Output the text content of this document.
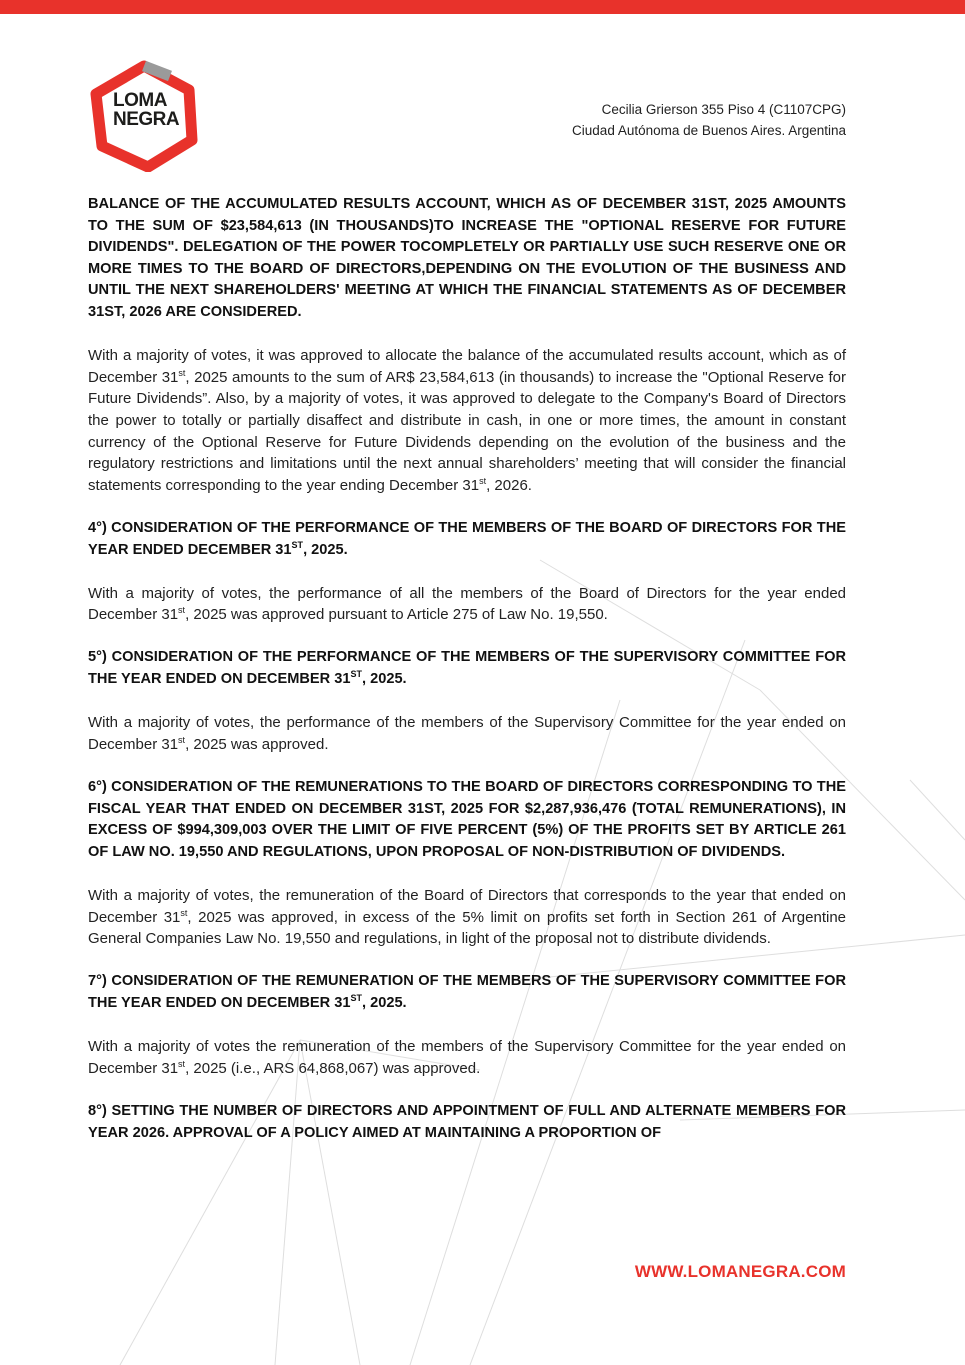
LOMA
NEGRA	Cecilia Grierson 355 Piso 4 (C1107CPG)
Ciudad Autónoma de Buenos Aires. Argentina

BALANCE OF THE ACCUMULATED RESULTS ACCOUNT, WHICH AS OF DECEMBER 31ST, 2025 AMOUNTS TO THE SUM OF $23,584,613 (IN THOUSANDS)TO INCREASE THE "OPTIONAL RESERVE FOR FUTURE DIVIDENDS". DELEGATION OF THE POWER TOCOMPLETELY OR PARTIALLY USE SUCH RESERVE ONE OR MORE TIMES TO THE BOARD OF DIRECTORS,DEPENDING ON THE EVOLUTION OF THE BUSINESS AND UNTIL THE NEXT SHAREHOLDERS' MEETING AT WHICH THE FINANCIAL STATEMENTS AS OF DECEMBER 31ST, 2026 ARE CONSIDERED.

With a majority of votes, it was approved to allocate the balance of the accumulated results account, which as of December 31st, 2025 amounts to the sum of AR$ 23,584,613 (in thousands) to increase the "Optional Reserve for Future Dividends”. Also, by a majority of votes, it was approved to delegate to the Company's Board of Directors the power to totally or partially disaffect and distribute in cash, in one or more times, the amount in constant currency of the Optional Reserve for Future Dividends depending on the evolution of the business and the regulatory restrictions and limitations until the next annual shareholders’ meeting that will consider the financial statements corresponding to the year ending December 31st, 2026.

4°) CONSIDERATION OF THE PERFORMANCE OF THE MEMBERS OF THE BOARD OF DIRECTORS FOR THE YEAR ENDED DECEMBER 31ST, 2025.

With a majority of votes, the performance of all the members of the Board of Directors for the year ended December 31st, 2025 was approved pursuant to Article 275 of Law No. 19,550.

5°) CONSIDERATION OF THE PERFORMANCE OF THE MEMBERS OF THE SUPERVISORY COMMITTEE FOR THE YEAR ENDED ON DECEMBER 31ST, 2025.

With a majority of votes, the performance of the members of the Supervisory Committee for the year ended on December 31st, 2025 was approved.

6°) CONSIDERATION OF THE REMUNERATIONS TO THE BOARD OF DIRECTORS CORRESPONDING TO THE FISCAL YEAR THAT ENDED ON DECEMBER 31ST, 2025 FOR $2,287,936,476 (TOTAL REMUNERATIONS), IN EXCESS OF $994,309,003 OVER THE LIMIT OF FIVE PERCENT (5%) OF THE PROFITS SET BY ARTICLE 261 OF LAW NO. 19,550 AND REGULATIONS, UPON PROPOSAL OF NON-DISTRIBUTION OF DIVIDENDS.

With a majority of votes, the remuneration of the Board of Directors that corresponds to the year that ended on December 31st, 2025 was approved, in excess of the 5% limit on profits set forth in Section 261 of Argentine General Companies Law No. 19,550 and regulations, in light of the proposal not to distribute dividends.

7°) CONSIDERATION OF THE REMUNERATION OF THE MEMBERS OF THE SUPERVISORY COMMITTEE FOR THE YEAR ENDED ON DECEMBER 31ST, 2025.

With a majority of votes the remuneration of the members of the Supervisory Committee for the year ended on December 31st, 2025 (i.e., ARS 64,868,067) was approved.

8°) SETTING THE NUMBER OF DIRECTORS AND APPOINTMENT OF FULL AND ALTERNATE MEMBERS FOR YEAR 2026. APPROVAL OF A POLICY AIMED AT MAINTAINING A PROPORTION OF

WWW.LOMANEGRA.COM
